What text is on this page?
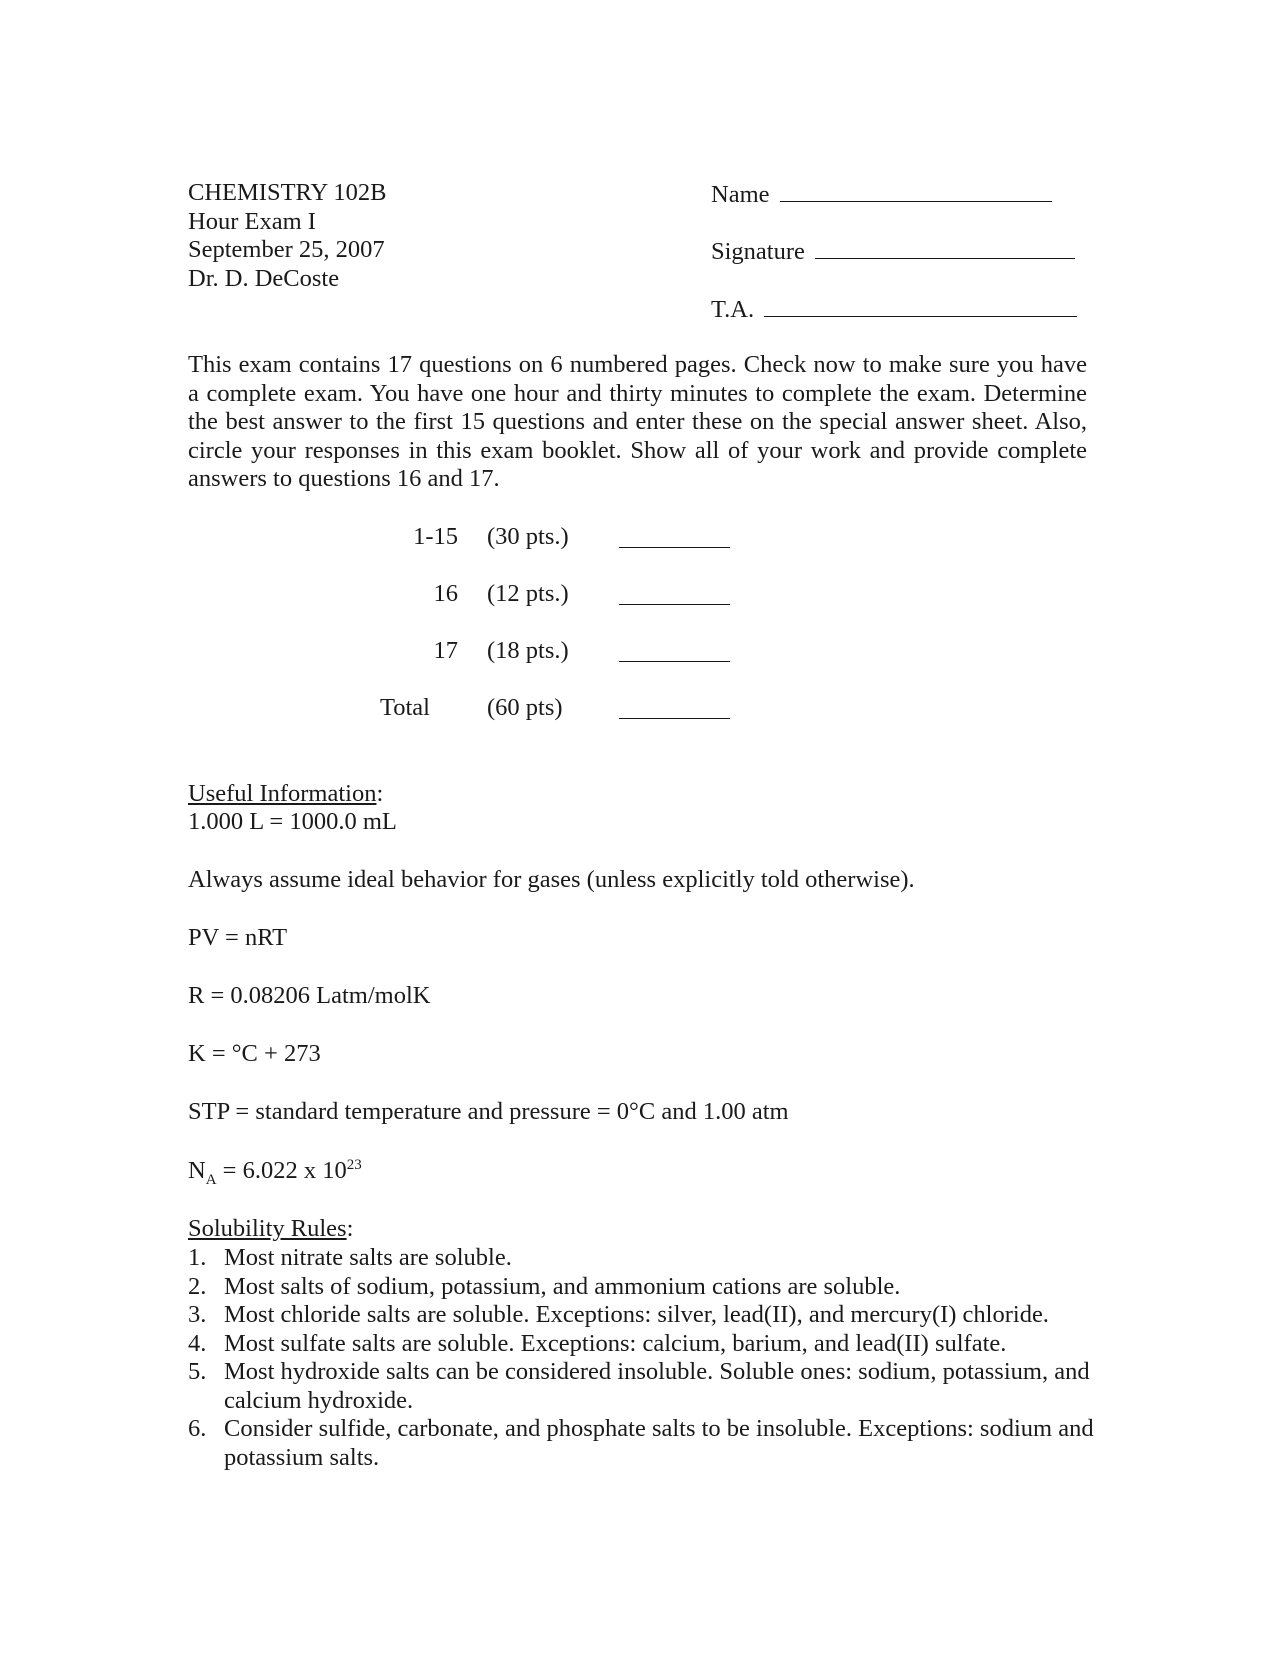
CHEMISTRY 102B
Hour Exam I
September 25, 2007
Dr. D. DeCoste
Name
Signature
T.A.
This exam contains 17 questions on 6 numbered pages. Check now to make sure you have a complete exam. You have one hour and thirty minutes to complete the exam. Determine the best answer to the first 15 questions and enter these on the special answer sheet. Also, circle your responses in this exam booklet. Show all of your work and provide complete answers to questions 16 and 17.
1-15 (30 pts.)
16 (12 pts.)
17 (18 pts.)
Total (60 pts)
Useful Information:
1.000 L = 1000.0 mL
Always assume ideal behavior for gases (unless explicitly told otherwise).
PV = nRT
R = 0.08206 Latm/molK
K = °C + 273
STP = standard temperature and pressure = 0°C and 1.00 atm
$N_A = 6.022$ x $10^{23}$
Solubility Rules:
1. Most nitrate salts are soluble.
2. Most salts of sodium, potassium, and ammonium cations are soluble.
3. Most chloride salts are soluble. Exceptions: silver, lead(II), and mercury(I) chloride.
4. Most sulfate salts are soluble. Exceptions: calcium, barium, and lead(II) sulfate.
5. Most hydroxide salts can be considered insoluble. Soluble ones: sodium, potassium, and calcium hydroxide.
6. Consider sulfide, carbonate, and phosphate salts to be insoluble. Exceptions: sodium and potassium salts.
